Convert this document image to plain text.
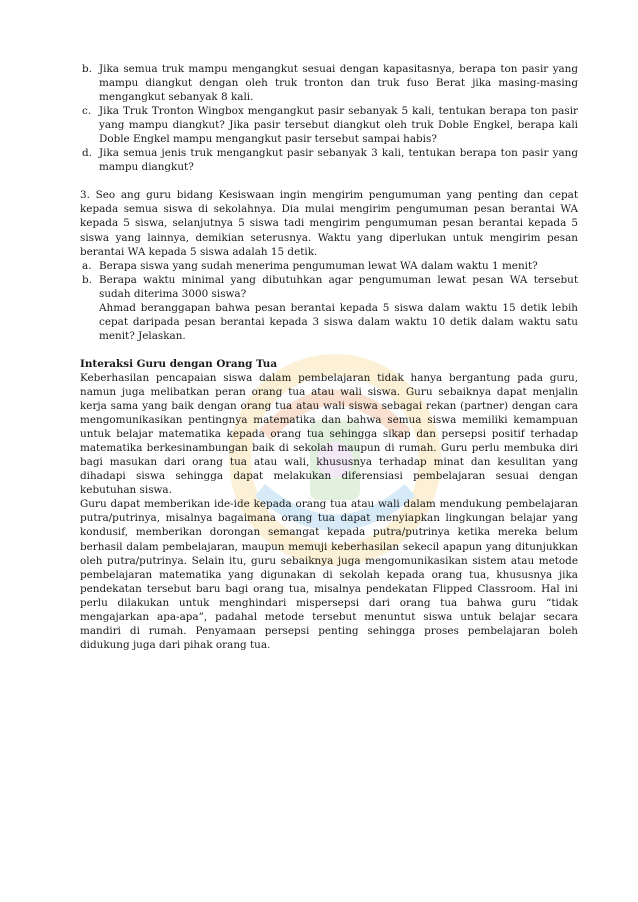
b. Jika semua truk mampu mengangkut sesuai dengan kapasitasnya, berapa ton pasir yang mampu diangkut dengan oleh truk tronton dan truk fuso Berat jika masing-masing mengangkut sebanyak 8 kali.
c. Jika Truk Tronton Wingbox mengangkut pasir sebanyak 5 kali, tentukan berapa ton pasir yang mampu diangkut? Jika pasir tersebut diangkut oleh truk Doble Engkel, berapa kali Doble Engkel mampu mengangkut pasir tersebut sampai habis?
d. Jika semua jenis truk mengangkut pasir sebanyak 3 kali, tentukan berapa ton pasir yang mampu diangkut?
3. Seo ang guru bidang Kesiswaan ingin mengirim pengumuman yang penting dan cepat kepada semua siswa di sekolahnya. Dia mulai mengirim pengumuman pesan berantai WA kepada 5 siswa, selanjutnya 5 siswa tadi mengirim pengumuman pesan berantai kepada 5 siswa yang lainnya, demikian seterusnya. Waktu yang diperlukan untuk mengirim pesan berantai WA kepada 5 siswa adalah 15 detik.
a. Berapa siswa yang sudah menerima pengumuman lewat WA dalam waktu 1 menit?
b. Berapa waktu minimal yang dibutuhkan agar pengumuman lewat pesan WA tersebut sudah diterima 3000 siswa?
Ahmad beranggapan bahwa pesan berantai kepada 5 siswa dalam waktu 15 detik lebih cepat daripada pesan berantai kepada 3 siswa dalam waktu 10 detik dalam waktu satu menit? Jelaskan.
Interaksi Guru dengan Orang Tua
Keberhasilan pencapaian siswa dalam pembelajaran tidak hanya bergantung pada guru, namun juga melibatkan peran orang tua atau wali siswa. Guru sebaiknya dapat menjalin kerja sama yang baik dengan orang tua atau wali siswa sebagai rekan (partner) dengan cara mengomunikasikan pentingnya matematika dan bahwa semua siswa memiliki kemampuan untuk belajar matematika kepada orang tua sehingga sikap dan persepsi positif terhadap matematika berkesinambungan baik di sekolah maupun di rumah. Guru perlu membuka diri bagi masukan dari orang tua atau wali, khususnya terhadap minat dan kesulitan yang dihadapi siswa sehingga dapat melakukan diferensiasi pembelajaran sesuai dengan kebutuhan siswa.
Guru dapat memberikan ide-ide kepada orang tua atau wali dalam mendukung pembelajaran putra/putrinya, misalnya bagaimana orang tua dapat menyiapkan lingkungan belajar yang kondusif, memberikan dorongan semangat kepada putra/putrinya ketika mereka belum berhasil dalam pembelajaran, maupun memuji keberhasilan sekecil apapun yang ditunjukkan oleh putra/putrinya. Selain itu, guru sebaiknya juga mengomunikasikan sistem atau metode pembelajaran matematika yang digunakan di sekolah kepada orang tua, khususnya jika pendekatan tersebut baru bagi orang tua, misalnya pendekatan Flipped Classroom. Hal ini perlu dilakukan untuk menghindari mispersepsi dari orang tua bahwa guru “tidak mengajarkan apa-apa”, padahal metode tersebut menuntut siswa untuk belajar secara mandiri di rumah. Penyamaan persepsi penting sehingga proses pembelajaran boleh didukung juga dari pihak orang tua.
